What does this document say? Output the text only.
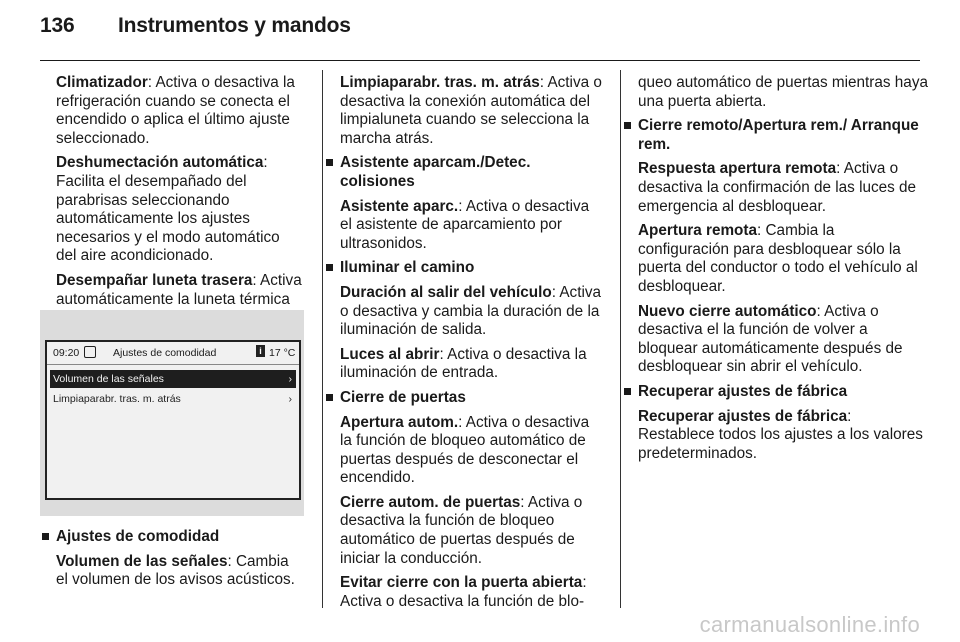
136 Instrumentos y mandos

Climatizador: Activa o desactiva la refrigeración cuando se conecta el encendido o aplica el último ajuste seleccionado.

Deshumectación automática: Facilita el desempañado del parabrisas seleccionando automáticamente los ajustes necesarios y el modo automático del aire acondicionado.

Desempañar luneta trasera: Activa automáticamente la luneta térmica

09:20	Ajustes de comodidad	i 17 °C
Volumen de las señales	›
Limpiaparabr. tras. m. atrás	›

Ajustes de comodidad

Volumen de las señales: Cambia el volumen de los avisos acústicos.

Limpiaparabr. tras. m. atrás: Activa o desactiva la conexión automática del limpialuneta cuando se selecciona la marcha atrás.

Asistente aparcam./Detec. colisiones

Asistente aparc.: Activa o desactiva el asistente de aparcamiento por ultrasonidos.

Iluminar el camino

Duración al salir del vehículo: Activa o desactiva y cambia la duración de la iluminación de salida.

Luces al abrir: Activa o desactiva la iluminación de entrada.

Cierre de puertas

Apertura autom.: Activa o desactiva la función de bloqueo automático de puertas después de desconectar el encendido.

Cierre autom. de puertas: Activa o desactiva la función de bloqueo automático de puertas después de iniciar la conducción.

Evitar cierre con la puerta abierta: Activa o desactiva la función de blo-

queo automático de puertas mientras haya una puerta abierta.

Cierre remoto/Apertura rem./ Arranque rem.

Respuesta apertura remota: Activa o desactiva la confirmación de las luces de emergencia al desbloquear.

Apertura remota: Cambia la configuración para desbloquear sólo la puerta del conductor o todo el vehículo al desbloquear.

Nuevo cierre automático: Activa o desactiva el la función de volver a bloquear automáticamente después de desbloquear sin abrir el vehículo.

Recuperar ajustes de fábrica

Recuperar ajustes de fábrica: Restablece todos los ajustes a los valores predeterminados.

carmanualsonline.info
